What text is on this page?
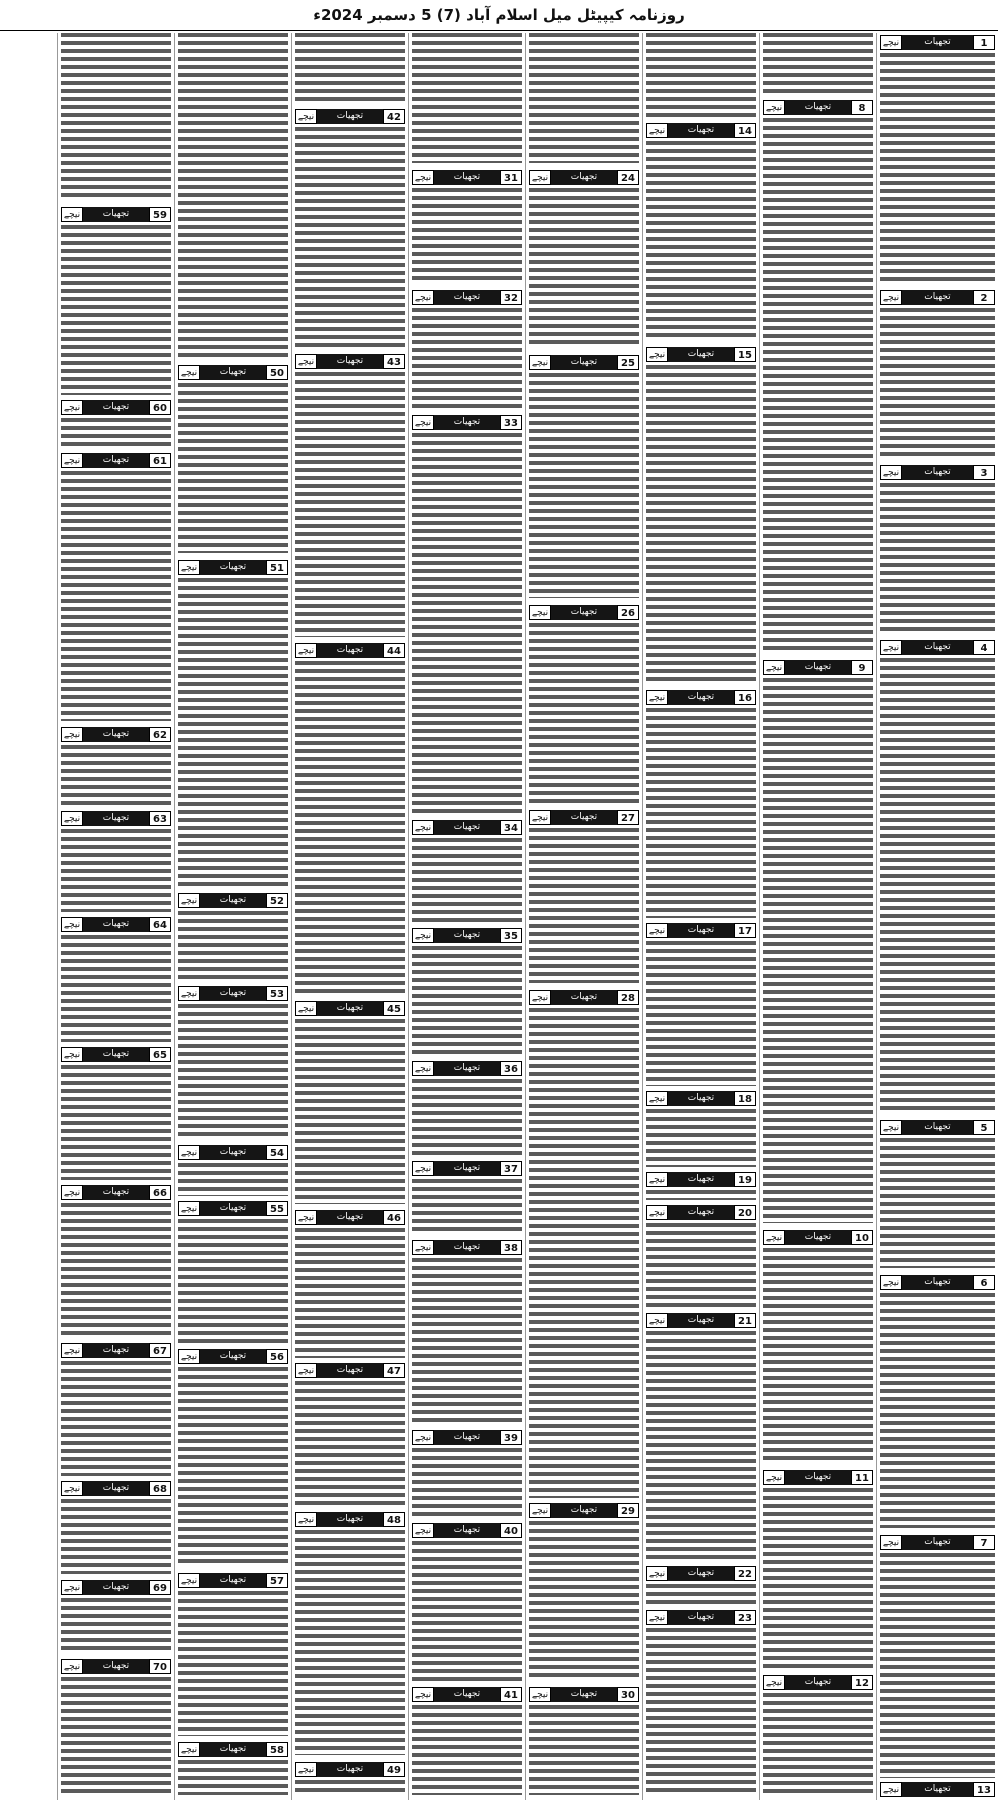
روزنامہ کیپیٹل میل اسلام آباد (7) 5 دسمبر 2024ء
1
تجھیات
نیچے
2
تجھیات
نیچے
3
تجھیات
نیچے
4
تجھیات
نیچے
5
تجھیات
نیچے
6
تجھیات
نیچے
7
تجھیات
نیچے
13
تجھیات
نیچے
8
تجھیات
نیچے
9
تجھیات
نیچے
10
تجھیات
نیچے
11
تجھیات
نیچے
12
تجھیات
نیچے
14
تجھیات
نیچے
15
تجھیات
نیچے
16
تجھیات
نیچے
17
تجھیات
نیچے
18
تجھیات
نیچے
19
تجھیات
نیچے
20
تجھیات
نیچے
21
تجھیات
نیچے
22
تجھیات
نیچے
23
تجھیات
نیچے
24
تجھیات
نیچے
25
تجھیات
نیچے
26
تجھیات
نیچے
27
تجھیات
نیچے
28
تجھیات
نیچے
29
تجھیات
نیچے
30
تجھیات
نیچے
31
تجھیات
نیچے
32
تجھیات
نیچے
33
تجھیات
نیچے
34
تجھیات
نیچے
35
تجھیات
نیچے
36
تجھیات
نیچے
37
تجھیات
نیچے
38
تجھیات
نیچے
39
تجھیات
نیچے
40
تجھیات
نیچے
41
تجھیات
نیچے
42
تجھیات
نیچے
43
تجھیات
نیچے
44
تجھیات
نیچے
45
تجھیات
نیچے
46
تجھیات
نیچے
47
تجھیات
نیچے
48
تجھیات
نیچے
49
تجھیات
نیچے
50
تجھیات
نیچے
51
تجھیات
نیچے
52
تجھیات
نیچے
53
تجھیات
نیچے
54
تجھیات
نیچے
55
تجھیات
نیچے
56
تجھیات
نیچے
57
تجھیات
نیچے
58
تجھیات
نیچے
59
تجھیات
نیچے
60
تجھیات
نیچے
61
تجھیات
نیچے
62
تجھیات
نیچے
63
تجھیات
نیچے
64
تجھیات
نیچے
65
تجھیات
نیچے
66
تجھیات
نیچے
67
تجھیات
نیچے
68
تجھیات
نیچے
69
تجھیات
نیچے
70
تجھیات
نیچے
